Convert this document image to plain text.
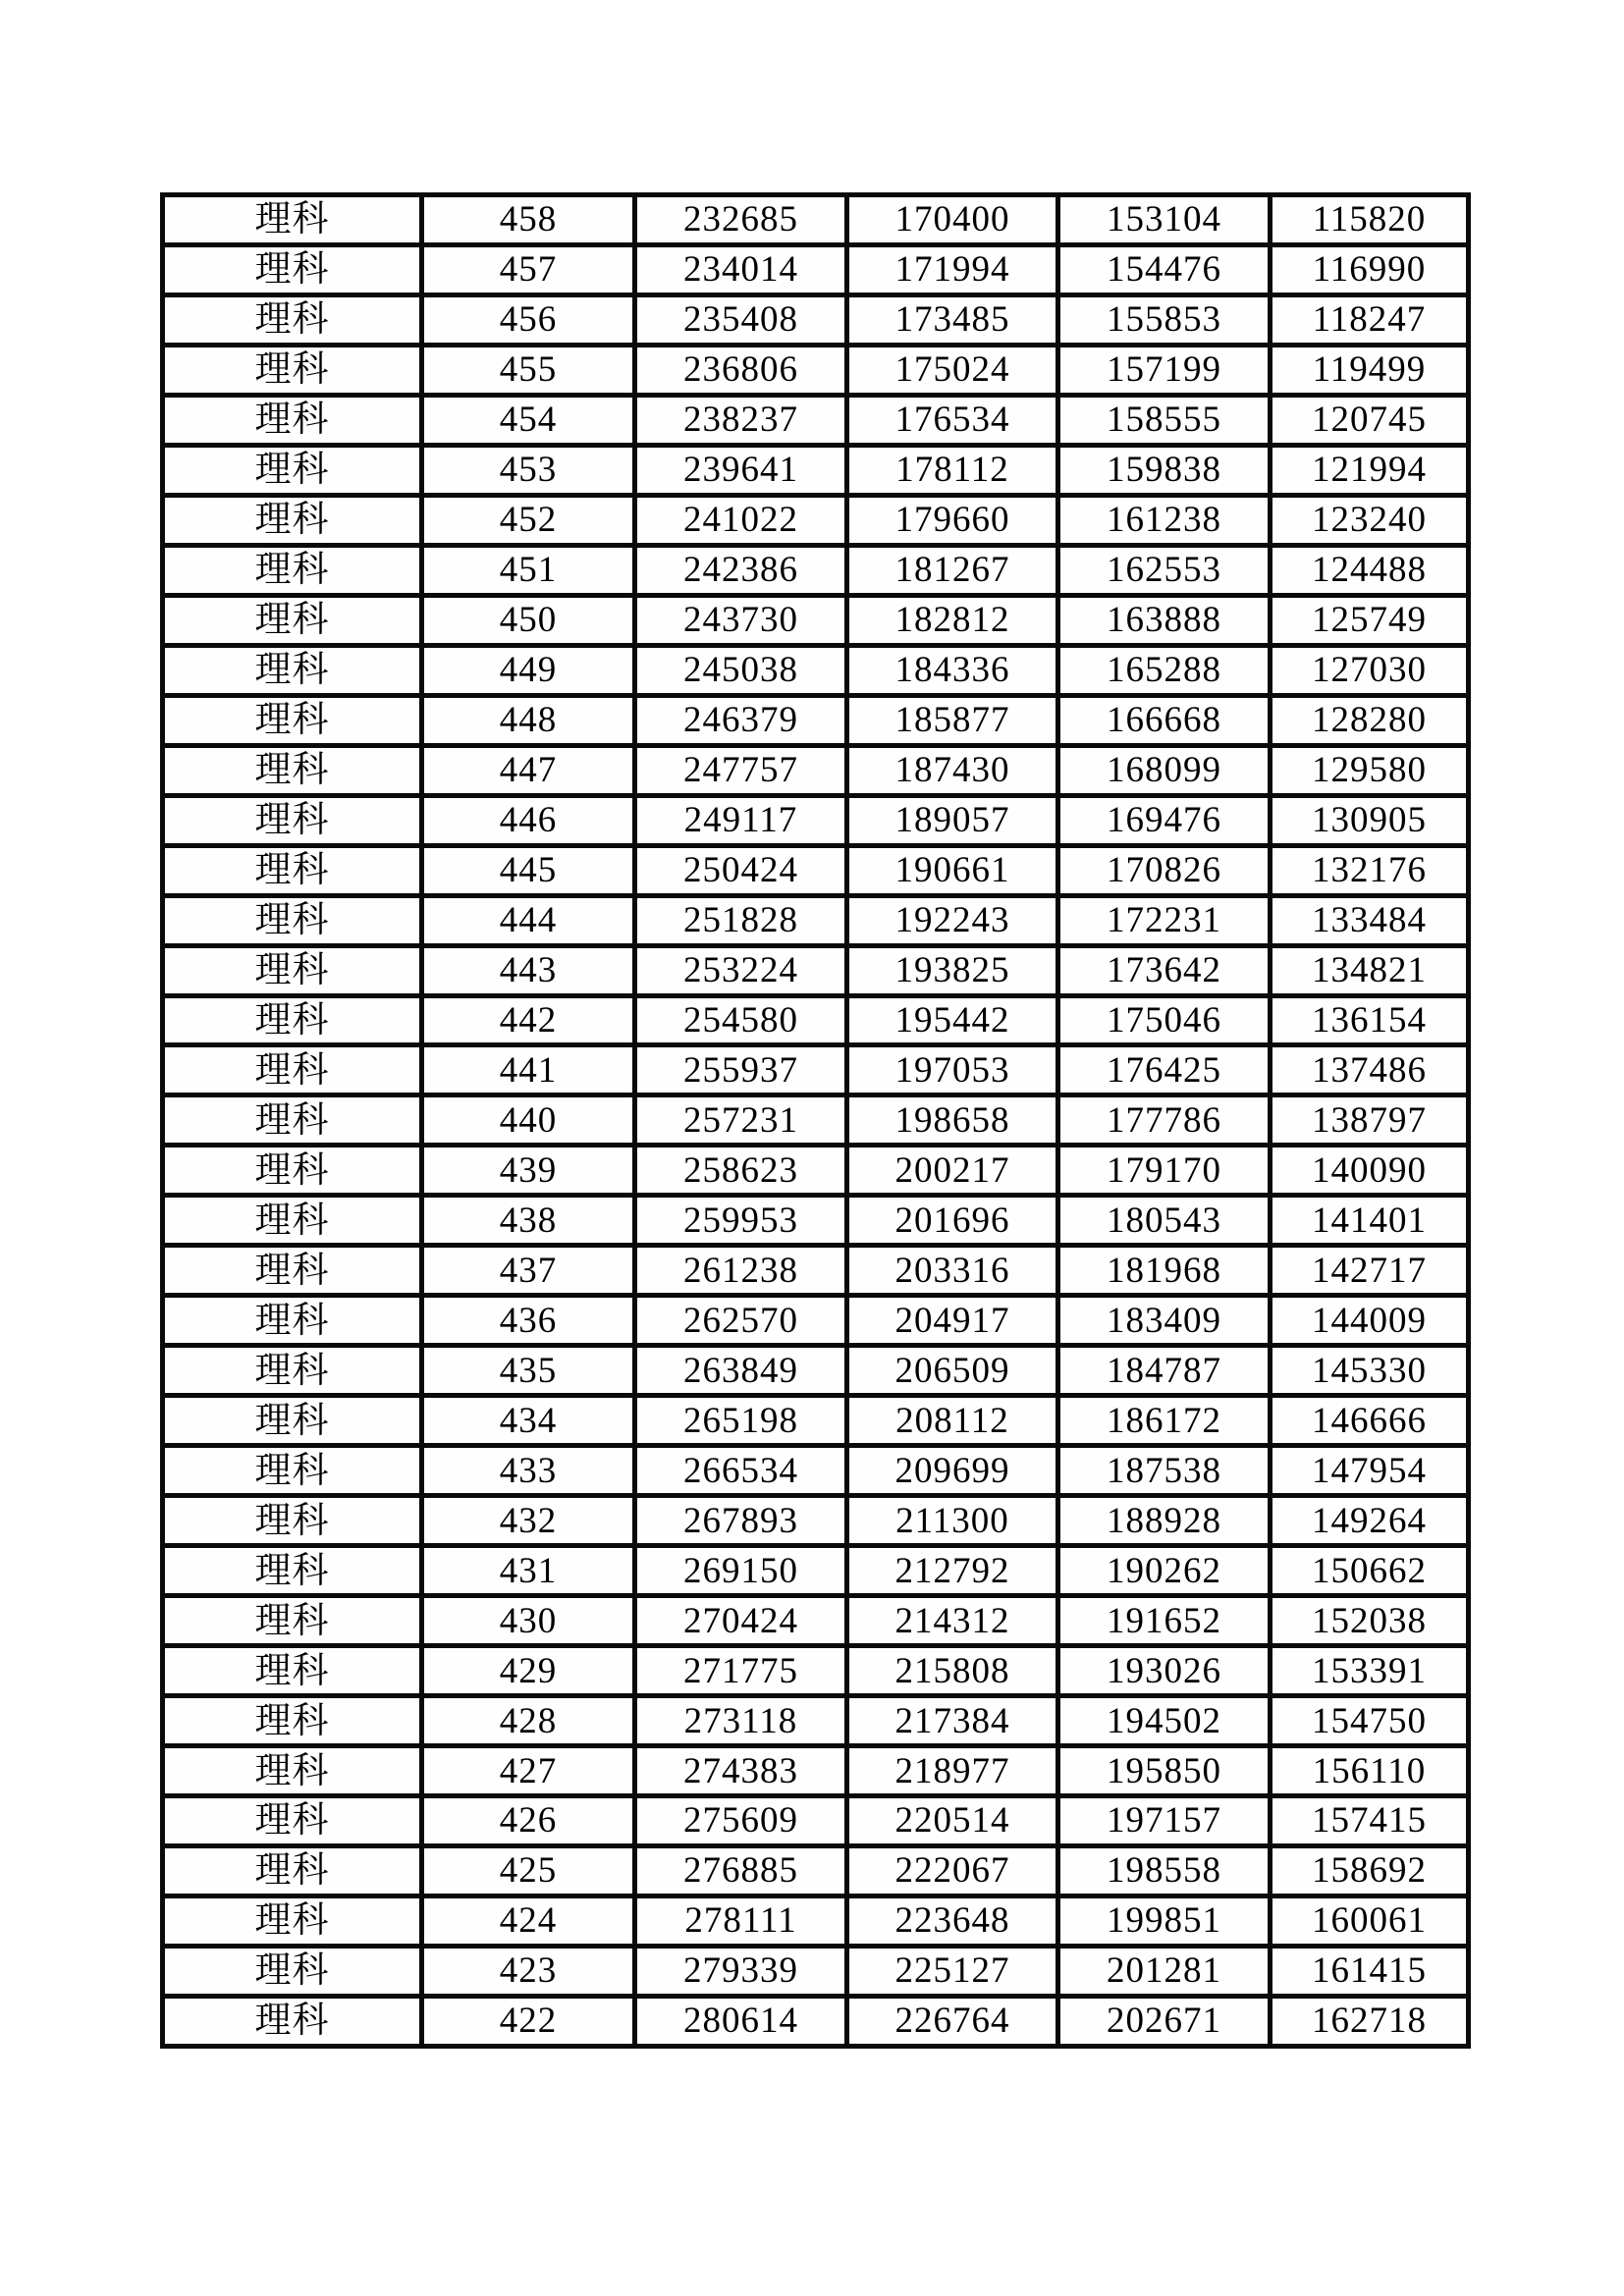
理科	458	232685	170400	153104	115820
理科	457	234014	171994	154476	116990
理科	456	235408	173485	155853	118247
理科	455	236806	175024	157199	119499
理科	454	238237	176534	158555	120745
理科	453	239641	178112	159838	121994
理科	452	241022	179660	161238	123240
理科	451	242386	181267	162553	124488
理科	450	243730	182812	163888	125749
理科	449	245038	184336	165288	127030
理科	448	246379	185877	166668	128280
理科	447	247757	187430	168099	129580
理科	446	249117	189057	169476	130905
理科	445	250424	190661	170826	132176
理科	444	251828	192243	172231	133484
理科	443	253224	193825	173642	134821
理科	442	254580	195442	175046	136154
理科	441	255937	197053	176425	137486
理科	440	257231	198658	177786	138797
理科	439	258623	200217	179170	140090
理科	438	259953	201696	180543	141401
理科	437	261238	203316	181968	142717
理科	436	262570	204917	183409	144009
理科	435	263849	206509	184787	145330
理科	434	265198	208112	186172	146666
理科	433	266534	209699	187538	147954
理科	432	267893	211300	188928	149264
理科	431	269150	212792	190262	150662
理科	430	270424	214312	191652	152038
理科	429	271775	215808	193026	153391
理科	428	273118	217384	194502	154750
理科	427	274383	218977	195850	156110
理科	426	275609	220514	197157	157415
理科	425	276885	222067	198558	158692
理科	424	278111	223648	199851	160061
理科	423	279339	225127	201281	161415
理科	422	280614	226764	202671	162718
